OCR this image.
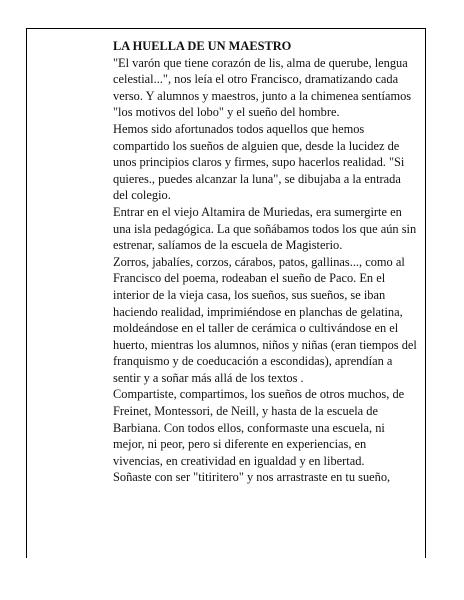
LA HUELLA DE UN MAESTRO

"El varón que tiene corazón de lis, alma de querube, lengua celestial...", nos leía el otro Francisco, dramatizando cada verso. Y alumnos y maestros, junto a la chimenea sentíamos "los motivos del lobo" y el sueño del hombre.

Hemos sido afortunados todos aquellos que hemos compartido los sueños de alguien que, desde la lucidez de unos principios claros y firmes, supo hacerlos realidad. "Si quieres., puedes alcanzar la luna", se dibujaba a la entrada del colegio.

Entrar en el viejo Altamira de Muriedas, era sumergirte en una isla pedagógica. La que soñábamos todos los que aún sin estrenar, salíamos de la escuela de Magisterio.

Zorros, jabalíes, corzos, cárabos, patos, gallinas..., como al Francisco del poema, rodeaban el sueño de Paco. En el interior de la vieja casa, los sueños, sus sueños, se iban haciendo realidad, imprimiéndose en planchas de gelatina, moldeándose en el taller de cerámica o cultivándose en el huerto, mientras los alumnos, niños y niñas (eran tiempos del franquismo y de coeducación a escondidas), aprendían a sentir y a soñar más allá de los textos .

Compartiste, compartimos, los sueños de otros muchos, de Freinet, Montessori, de Neill, y hasta de la escuela de Barbiana. Con todos ellos, conformaste una escuela, ni mejor, ni peor, pero si diferente en experiencias, en vivencias, en creatividad en igualdad y en libertad.

Soñaste con ser "titiritero" y nos arrastraste en tu sueño,
